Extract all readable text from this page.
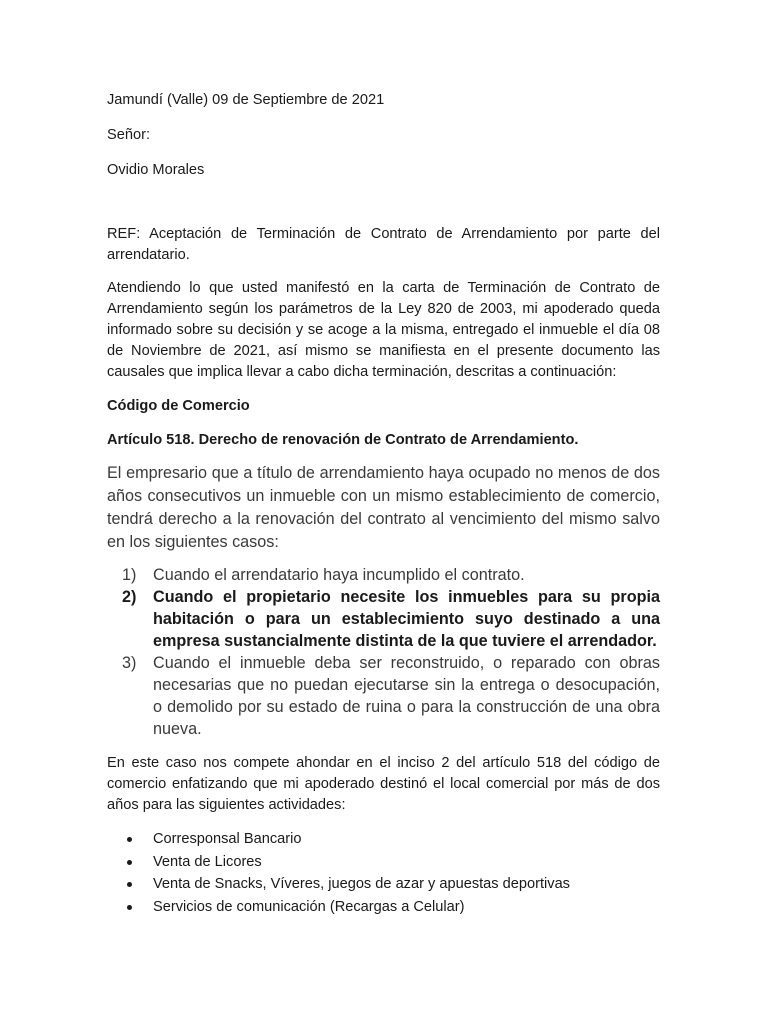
Jamundí (Valle) 09 de Septiembre de 2021

Señor:

Ovidio Morales

REF: Aceptación de Terminación de Contrato de Arrendamiento por parte del arrendatario.

Atendiendo lo que usted manifestó en la carta de Terminación de Contrato de Arrendamiento según los parámetros de la Ley 820 de 2003, mi apoderado queda informado sobre su decisión y se acoge a la misma, entregado el inmueble el día 08 de Noviembre de 2021, así mismo se manifiesta en el presente documento las causales que implica llevar a cabo dicha terminación, descritas a continuación:

Código de Comercio

Artículo 518. Derecho de renovación de Contrato de Arrendamiento.

El empresario que a título de arrendamiento haya ocupado no menos de dos años consecutivos un inmueble con un mismo establecimiento de comercio, tendrá derecho a la renovación del contrato al vencimiento del mismo salvo en los siguientes casos:

1) Cuando el arrendatario haya incumplido el contrato.
2) Cuando el propietario necesite los inmuebles para su propia habitación o para un establecimiento suyo destinado a una empresa sustancialmente distinta de la que tuviere el arrendador.
3) Cuando el inmueble deba ser reconstruido, o reparado con obras necesarias que no puedan ejecutarse sin la entrega o desocupación, o demolido por su estado de ruina o para la construcción de una obra nueva.

En este caso nos compete ahondar en el inciso 2 del artículo 518 del código de comercio enfatizando que mi apoderado destinó el local comercial por más de dos años para las siguientes actividades:

Corresponsal Bancario
Venta de Licores
Venta de Snacks, Víveres, juegos de azar y apuestas deportivas
Servicios de comunicación (Recargas a Celular)
